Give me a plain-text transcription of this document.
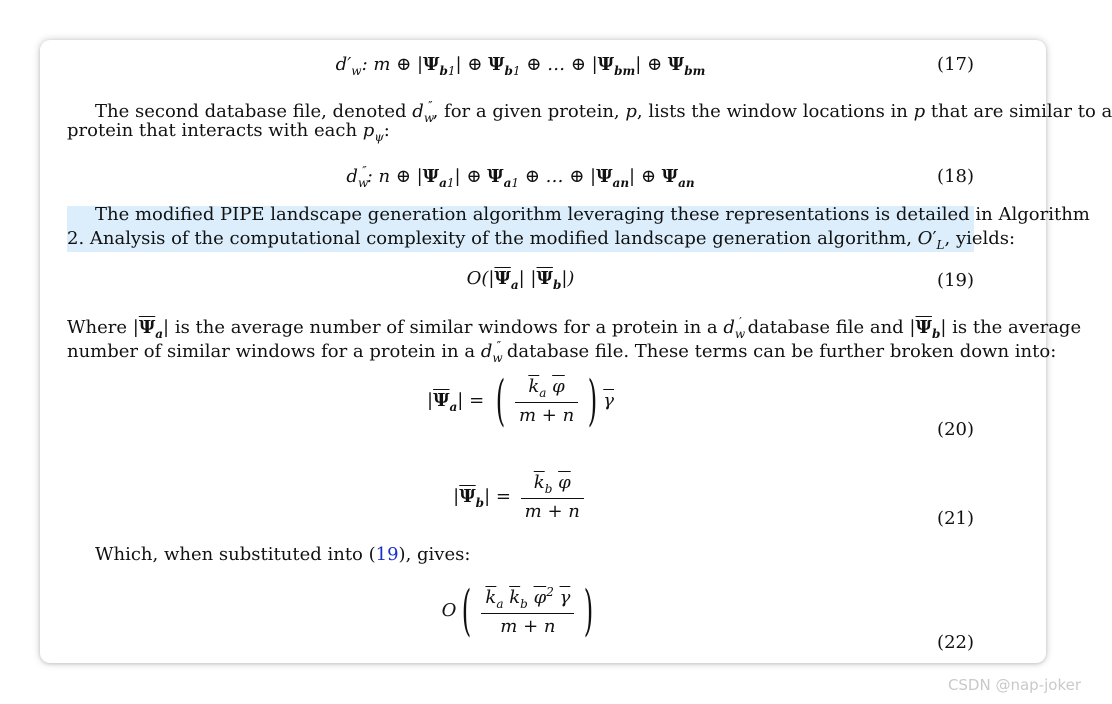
$d'_w$: m ⊕ $|\Psi_{b1}|$ ⊕ $\Psi_{b1}$ ⊕ … ⊕ $|\Psi_{bm}|$ ⊕ $\Psi_{bm}$	(17)
The second database file, denoted $d_w''$, for a given protein, p, lists the window locations in p that are similar to a
protein that interacts with each $p_\psi$:
$d_w''$: n ⊕ $|\Psi_{a1}|$ ⊕ $\Psi_{a1}$ ⊕ … ⊕ $|\Psi_{an}|$ ⊕ $\Psi_{an}$	(18)
The modified PIPE landscape generation algorithm leveraging these representations is detailed in Algorithm
2. Analysis of the computational complexity of the modified landscape generation algorithm, $O'_L$, yields:
$O(|\overline{\Psi}_a|$ $|\overline{\Psi}_b|$)	(19)
Where $|\overline{\Psi}_a|$ is the average number of similar windows for a protein in a $d_w'$ database file and $|\overline{\Psi}_b|$ is the average
number of similar windows for a protein in a $d_w''$ database file. These terms can be further broken down into:
$|\overline{\Psi}_a|$ = ( $\frac{\overline{k}_a \overline{\varphi}}{m + n}$ ) $\overline{\gamma}$
(20)
$|\overline{\Psi}_b| = \frac{\overline{k}_b \overline{\varphi}}{m + n}$	(21)
Which, when substituted into (19), gives:
O ( $\frac{\overline{k}_a \overline{k}_b \overline{\varphi}^2 \overline{\gamma}}{m + n}$ )
(22)
CSDN @nap-joker
